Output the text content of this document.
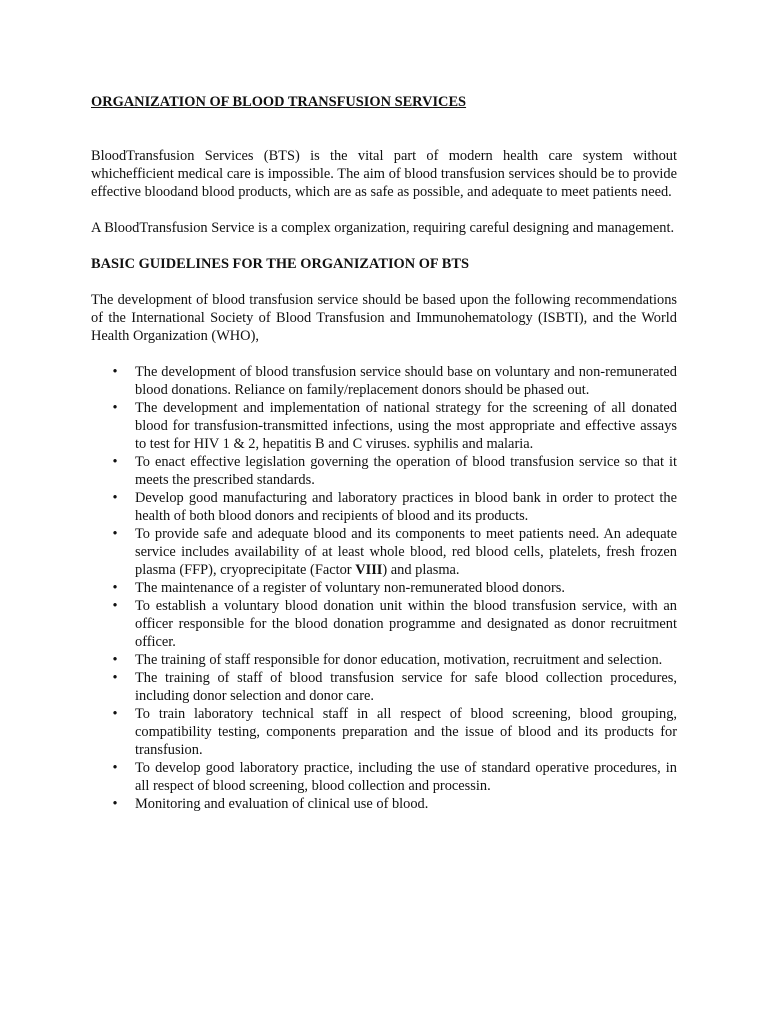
ORGANIZATION OF BLOOD TRANSFUSION SERVICES

BloodTransfusion Services (BTS) is the vital part of modern health care system without whichefficient medical care is impossible. The aim of blood transfusion services should be to provide effective bloodand blood products, which are as safe as possible, and adequate to meet patients need.

A BloodTransfusion Service is a complex organization, requiring careful designing and management.

BASIC GUIDELINES FOR THE ORGANIZATION OF BTS

The development of blood transfusion service should be based upon the following recommendations of the International Society of Blood Transfusion and Immunohematology (ISBTI), and the World Health Organization (WHO),

• The development of blood transfusion service should base on voluntary and non-remunerated blood donations. Reliance on family/replacement donors should be phased out.
• The development and implementation of national strategy for the screening of all donated blood for transfusion-transmitted infections, using the most appropriate and effective assays to test for HIV 1 & 2, hepatitis B and C viruses. syphilis and malaria.
• To enact effective legislation governing the operation of blood transfusion service so that it meets the prescribed standards.
• Develop good manufacturing and laboratory practices in blood bank in order to protect the health of both blood donors and recipients of blood and its products.
• To provide safe and adequate blood and its components to meet patients need. An adequate service includes availability of at least whole blood, red blood cells, platelets, fresh frozen plasma (FFP), cryoprecipitate (Factor VIII) and plasma.
• The maintenance of a register of voluntary non-remunerated blood donors.
• To establish a voluntary blood donation unit within the blood transfusion service, with an officer responsible for the blood donation programme and designated as donor recruitment officer.
• The training of staff responsible for donor education, motivation, recruitment and selection.
• The training of staff of blood transfusion service for safe blood collection procedures, including donor selection and donor care.
• To train laboratory technical staff in all respect of blood screening, blood grouping, compatibility testing, components preparation and the issue of blood and its products for transfusion.
• To develop good laboratory practice, including the use of standard operative procedures, in all respect of blood screening, blood collection and processin.
• Monitoring and evaluation of clinical use of blood.
